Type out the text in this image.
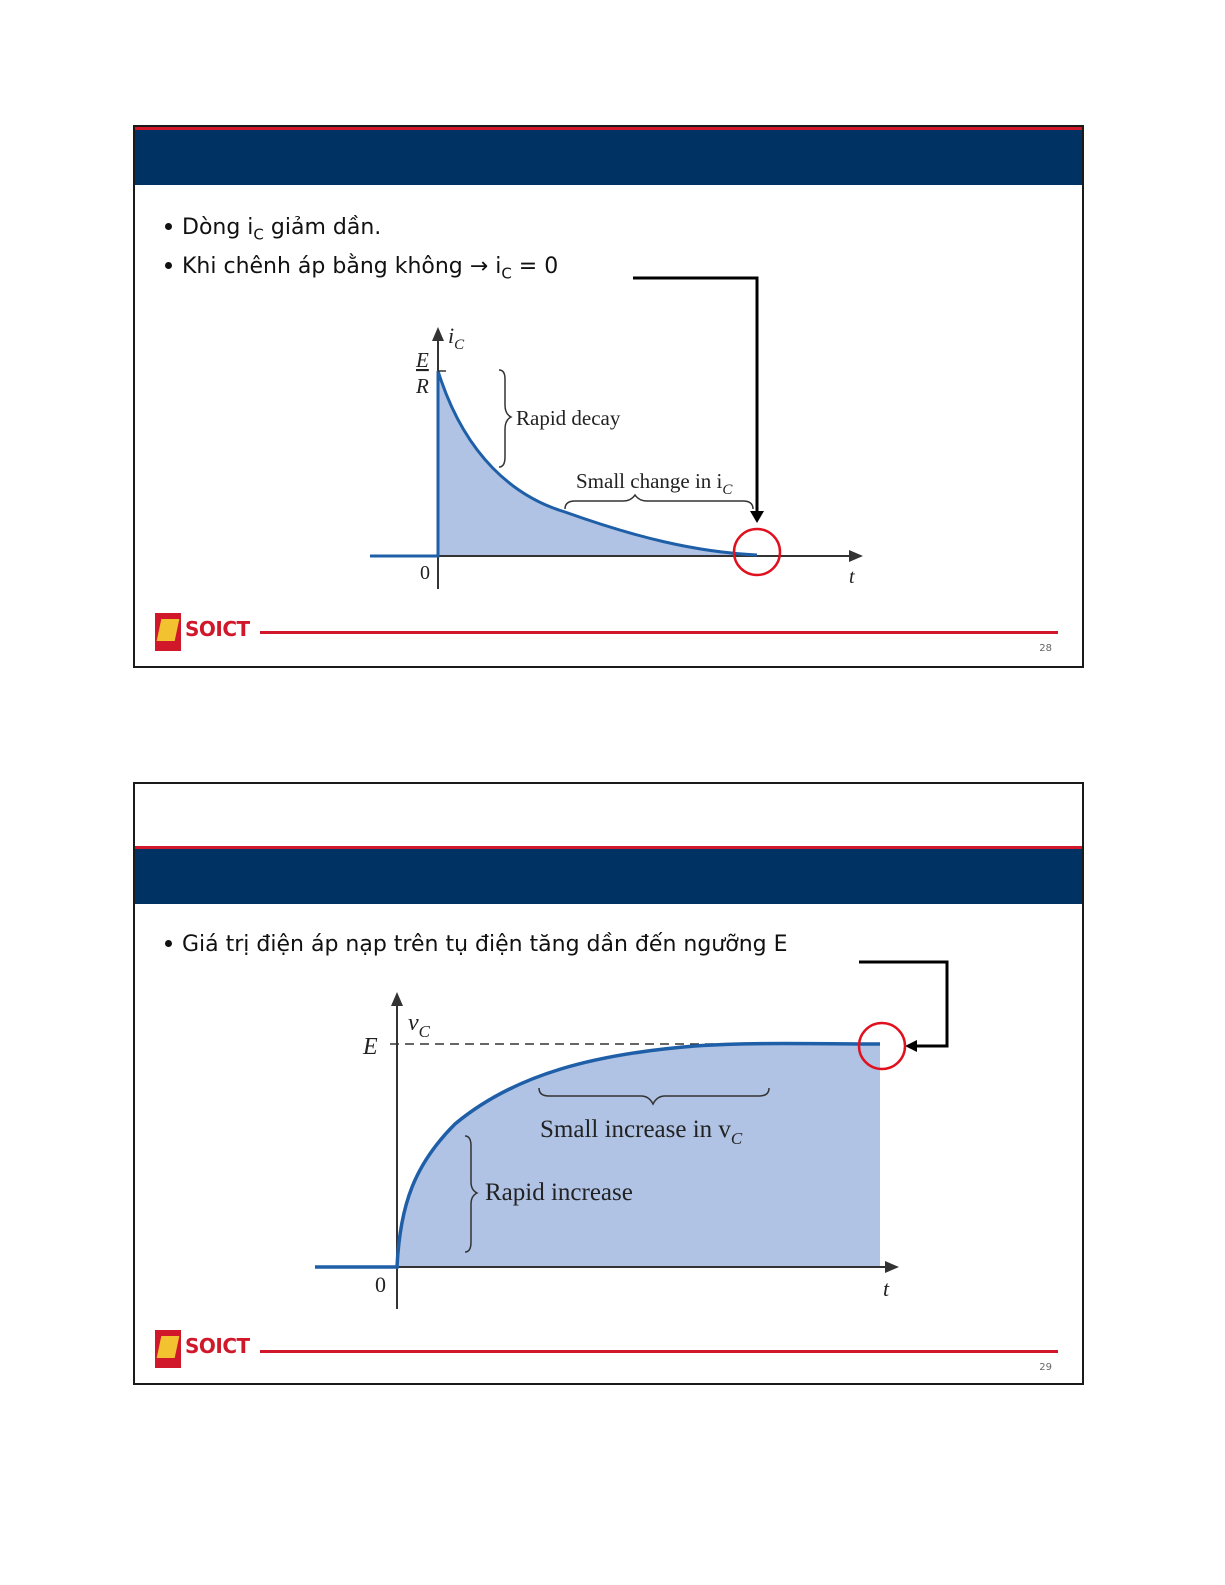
Dòng $i_C$ giảm dần.
Khi chênh áp bằng không → $i_C = 0$
$i_C$
E
R
Rapid decay
Small change in $i_C$
0	t
SOICT
28
Giá trị điện áp nạp trên tụ điện tăng dần đến ngưỡng E
$v_C$
E
Small increase in $v_C$
Rapid increase
0	t
SOICT
29
